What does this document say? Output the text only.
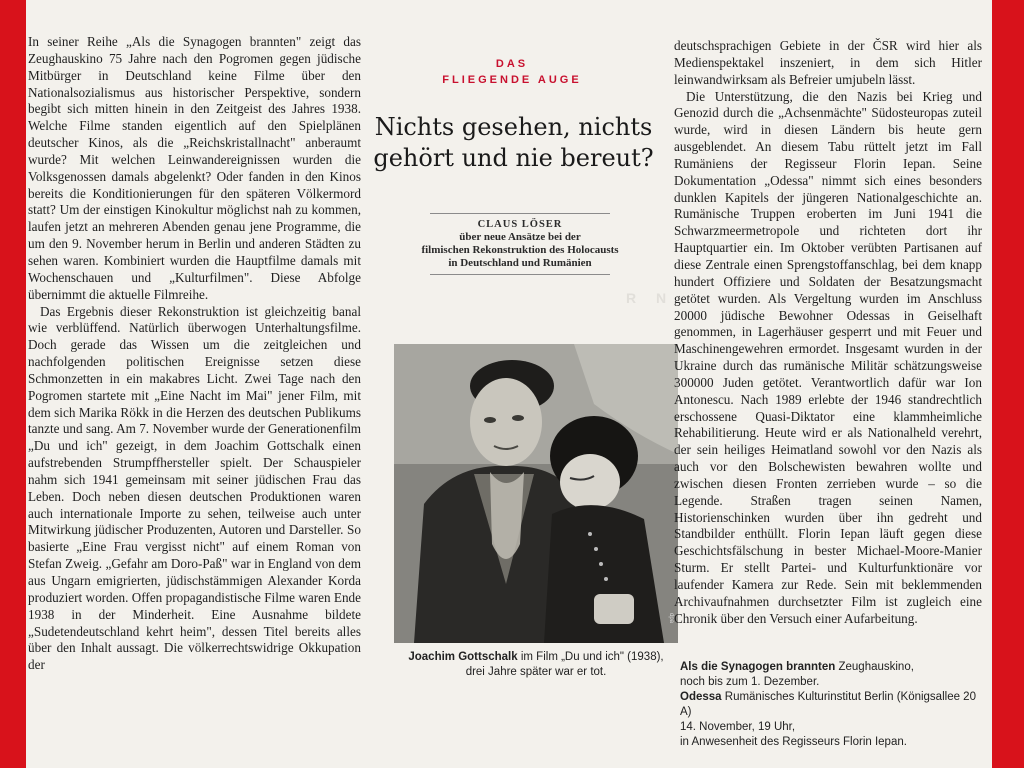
R N

In seiner Reihe „Als die Synagogen brannten" zeigt das Zeughauskino 75 Jahre nach den Pogromen gegen jüdische Mitbürger in Deutschland keine Filme über den Nationalsozialismus aus historischer Perspektive, sondern begibt sich mitten hinein in den Zeitgeist des Jahres 1938. Welche Filme standen eigentlich auf den Spielplänen deutscher Kinos, als die „Reichskristallnacht" anberaumt wurde? Mit welchen Leinwandereignissen wurden die Volksgenossen damals abgelenkt? Oder fanden in den Kinos bereits die Konditionierungen für den späteren Völkermord statt? Um der einstigen Kinokultur möglichst nah zu kommen, laufen jetzt an mehreren Abenden genau jene Programme, die um den 9. November herum in Berlin und anderen Städten zu sehen waren. Kombiniert wurden die Hauptfilme damals mit Wochenschauen und „Kulturfilmen". Diese Abfolge übernimmt die aktuelle Filmreihe.

Das Ergebnis dieser Rekonstruktion ist gleichzeitig banal wie verblüffend. Natürlich überwogen Unterhaltungsfilme. Doch gerade das Wissen um die zeitgleichen und nachfolgenden politischen Ereignisse setzen diese Schmonzetten in ein makabres Licht. Zwei Tage nach den Pogromen startete mit „Eine Nacht im Mai" jener Film, mit dem sich Marika Rökk in die Herzen des deutschen Publikums tanzte und sang. Am 7. November wurde der Generationenfilm „Du und ich" gezeigt, in dem Joachim Gottschalk einen aufstrebenden Strumpffhersteller spielt. Der Schauspieler nahm sich 1941 gemeinsam mit seiner jüdischen Frau das Leben. Doch neben diesen deutschen Produktionen waren auch internationale Importe zu sehen, teilweise auch unter Mitwirkung jüdischer Produzenten, Autoren und Darsteller. So basierte „Eine Frau vergisst nicht" auf einem Roman von Stefan Zweig. „Gefahr am Doro-Paß" war in England von dem aus Ungarn emigrierten, jüdischstämmigen Alexander Korda produziert worden. Offen propagandistische Filme waren Ende 1938 in der Minderheit. Eine Ausnahme bildete „Sudetendeutschland kehrt heim", dessen Titel bereits alles über den Inhalt aussagt. Die völkerrechtswidrige Okkupation der

DAS
FLIEGENDE AUGE
Nichts gesehen, nichts gehört und nie bereut?
CLAUS LÖSER
über neue Ansätze bei der
filmischen Rekonstruktion des Holocausts
in Deutschland und Rumänien
dpa
Joachim Gottschalk im Film „Du und ich" (1938),
drei Jahre später war er tot.

deutschsprachigen Gebiete in der ČSR wird hier als Medienspektakel inszeniert, in dem sich Hitler leinwandwirksam als Befreier umjubeln lässt.

Die Unterstützung, die den Nazis bei Krieg und Genozid durch die „Achsenmächte" Südosteuropas zuteil wurde, wird in diesen Ländern bis heute gern ausgeblendet. An diesem Tabu rüttelt jetzt im Fall Rumäniens der Regisseur Florin Iepan. Seine Dokumentation „Odessa" nimmt sich eines besonders dunklen Kapitels der jüngeren Nationalgeschichte an. Rumänische Truppen eroberten im Juni 1941 die Schwarzmeermetropole und richteten dort ihr Hauptquartier ein. Im Oktober verübten Partisanen auf diese Zentrale einen Sprengstoffanschlag, bei dem knapp hundert Offiziere und Soldaten der Besatzungsmacht getötet wurden. Als Vergeltung wurden im Anschluss 20000 jüdische Bewohner Odessas in Geiselhaft genommen, in Lagerhäuser gesperrt und mit Feuer und Maschinengewehren ermordet. Insgesamt wurden in der Ukraine durch das rumänische Militär schätzungsweise 300000 Juden getötet. Verantwortlich dafür war Ion Antonescu. Nach 1989 erlebte der 1946 standrechtlich erschossene Quasi-Diktator eine klammheimliche Rehabilitierung. Heute wird er als Nationalheld verehrt, der sein heiliges Heimatland sowohl vor den Nazis als auch vor den Bolschewisten bewahren wollte und zwischen diesen Fronten zerrieben wurde – so die Legende. Straßen tragen seinen Namen, Historienschinken wurden über ihn gedreht und Standbilder enthüllt. Florin Iepan läuft gegen diese Geschichtsfälschung in bester Michael-Moore-Manier Sturm. Er stellt Partei- und Kulturfunktionäre vor laufender Kamera zur Rede. Sein mit beklemmenden Archivaufnahmen durchsetzter Film ist zugleich eine Chronik über den Versuch einer Aufarbeitung.

Als die Synagogen brannten Zeughauskino,
noch bis zum 1. Dezember.
Odessa Rumänisches Kulturinstitut Berlin (Königsallee 20 A)
14. November, 19 Uhr,
in Anwesenheit des Regisseurs Florin Iepan.
